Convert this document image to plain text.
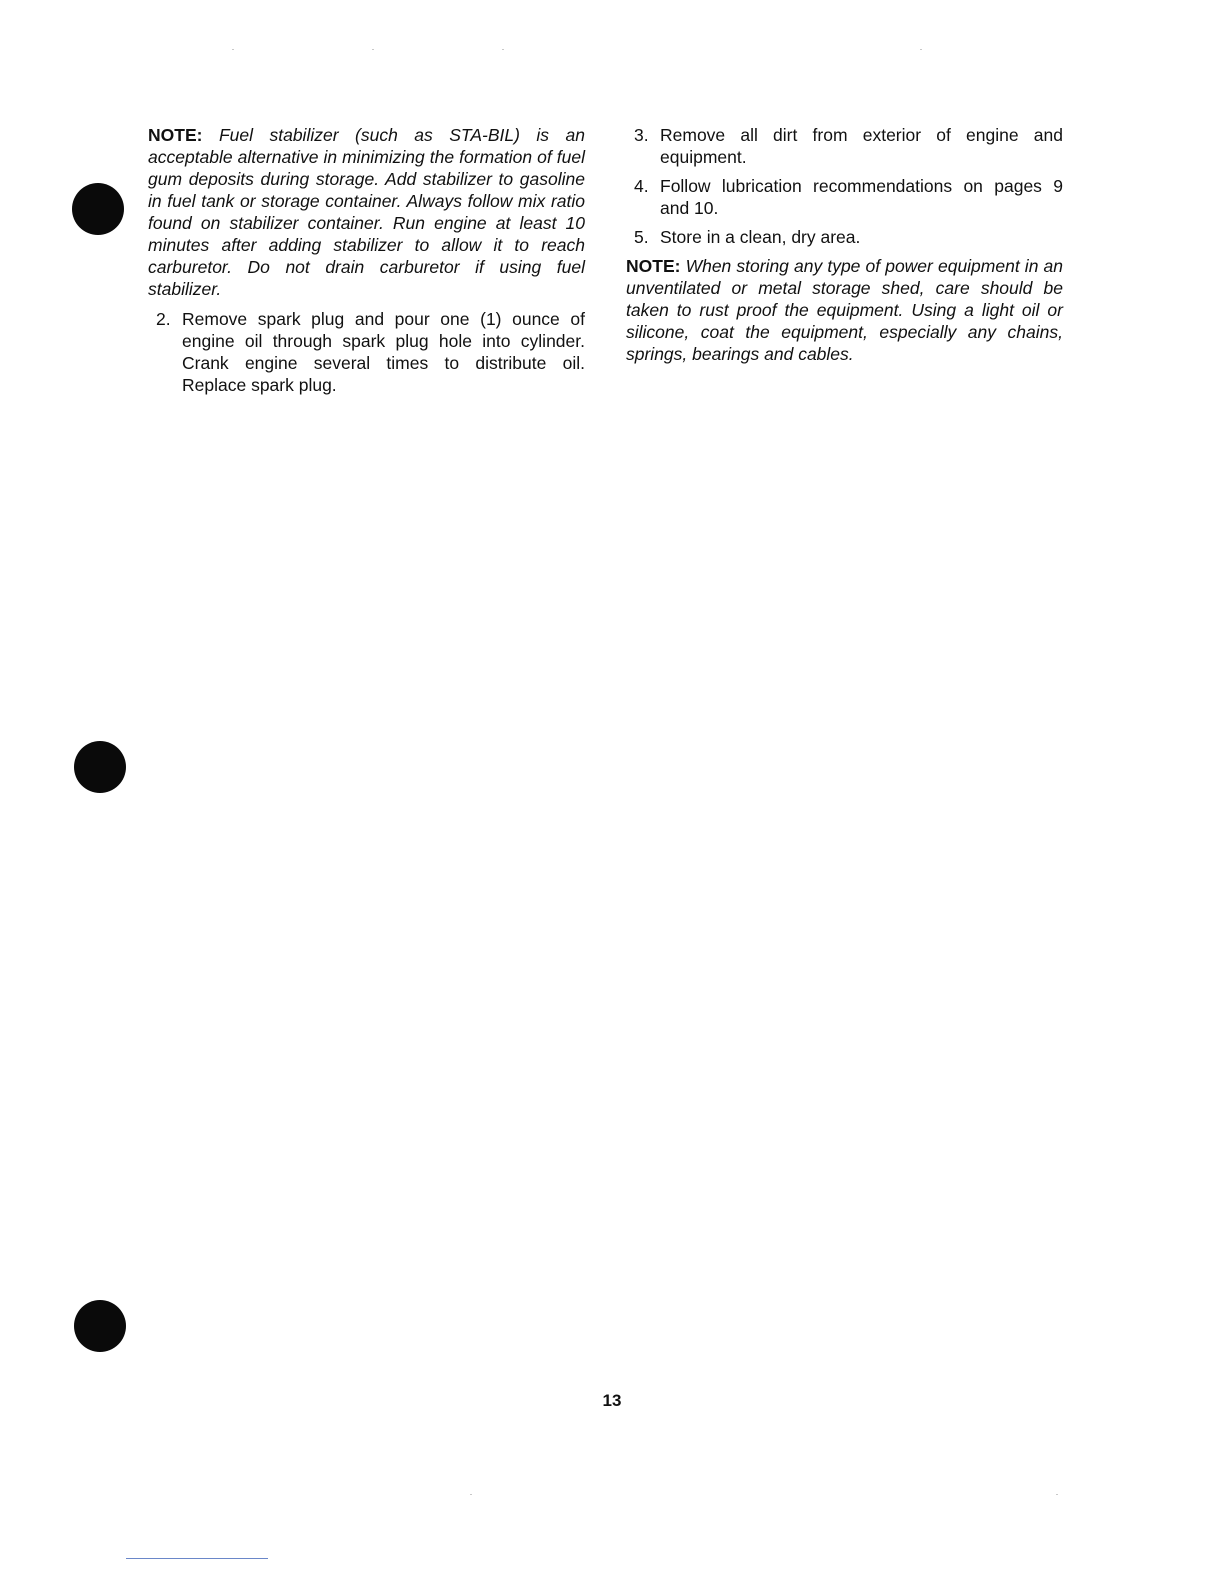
NOTE: Fuel stabilizer (such as STA-BIL) is an acceptable alternative in minimizing the formation of fuel gum deposits during storage. Add stabilizer to gasoline in fuel tank or storage container. Always follow mix ratio found on stabilizer container. Run engine at least 10 minutes after adding stabilizer to allow it to reach carburetor. Do not drain carburetor if using fuel stabilizer.

2. Remove spark plug and pour one (1) ounce of engine oil through spark plug hole into cylinder. Crank engine several times to distribute oil. Replace spark plug.
3. Remove all dirt from exterior of engine and equipment.
4. Follow lubrication recommendations on pages 9 and 10.
5. Store in a clean, dry area.

NOTE: When storing any type of power equipment in an unventilated or metal storage shed, care should be taken to rust proof the equipment. Using a light oil or silicone, coat the equipment, especially any chains, springs, bearings and cables.

13
